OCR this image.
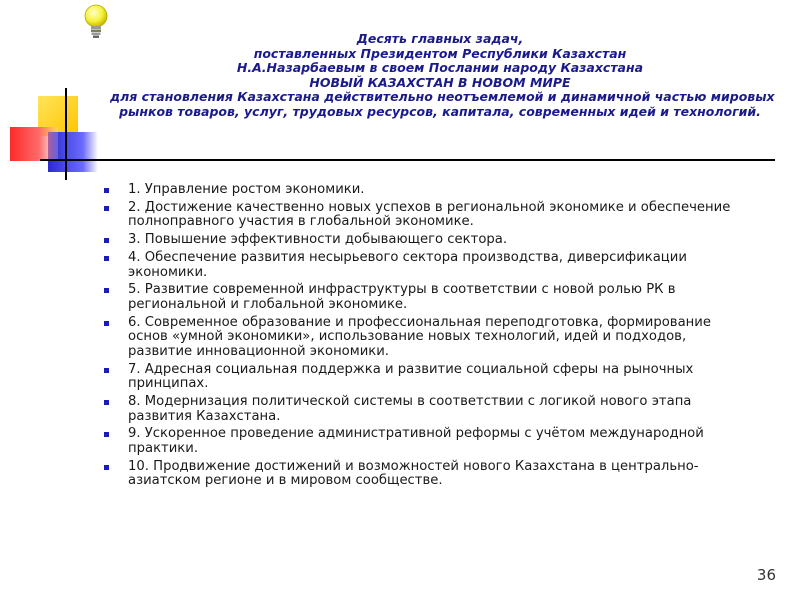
Десять главных задач,
поставленных Президентом Республики Казахстан
Н.А.Назарбаевым в своем Послании народу Казахстана
НОВЫЙ КАЗАХСТАН В НОВОМ МИРЕ
для становления Казахстана действительно неотъемлемой и динамичной частью мировых
рынков товаров, услуг, трудовых ресурсов, капитала, современных идей и технологий.
1. Управление ростом экономики.
2. Достижение качественно новых успехов в региональной экономике и обеспечение полноправного участия в глобальной экономике.
3. Повышение эффективности добывающего сектора.
4. Обеспечение развития несырьевого сектора производства, диверсификации экономики.
5. Развитие современной инфраструктуры в соответствии с новой ролью РК в региональной и глобальной экономике.
6. Современное образование и профессиональная переподготовка, формирование основ «умной экономики», использование новых технологий, идей и подходов, развитие инновационной экономики.
7. Адресная социальная поддержка и развитие социальной сферы на рыночных принципах.
8. Модернизация политической системы в соответствии с логикой нового этапа развития Казахстана.
9. Ускоренное проведение административной реформы с учётом международной практики.
10. Продвижение достижений и возможностей нового Казахстана в центрально-азиатском регионе и в мировом сообществе.
36
